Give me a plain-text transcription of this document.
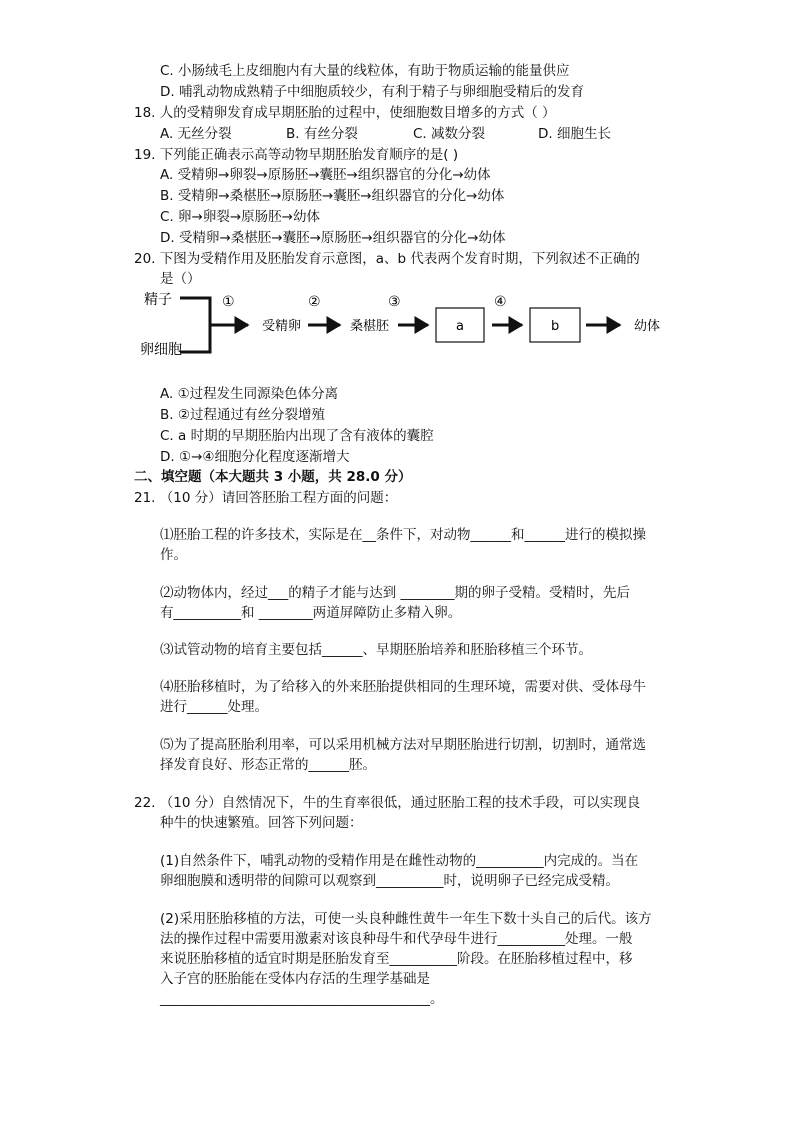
C. 小肠绒毛上皮细胞内有大量的线粒体，有助于物质运输的能量供应
D. 哺乳动物成熟精子中细胞质较少，有利于精子与卵细胞受精后的发育
18. 人的受精卵发育成早期胚胎的过程中，使细胞数目增多的方式（ ）
A. 无丝分裂	B. 有丝分裂	C. 减数分裂	D. 细胞生长
19. 下列能正确表示高等动物早期胚胎发育顺序的是( )
A. 受精卵→卵裂→原肠胚→囊胚→组织器官的分化→幼体
B. 受精卵→桑椹胚→原肠胚→囊胚→组织器官的分化→幼体
C. 卵→卵裂→原肠胚→幼体
D. 受精卵→桑椹胚→囊胚→原肠胚→组织器官的分化→幼体
20. 下图为受精作用及胚胎发育示意图，a、b 代表两个发育时期，下列叙述不正确的
是（）
精子
卵细胞
①
受精卵
②
桑椹胚
③
a
④
b	幼体
A. ①过程发生同源染色体分离
B. ②过程通过有丝分裂增殖
C. a 时期的早期胚胎内出现了含有液体的囊腔
D. ①→④细胞分化程度逐渐增大
二、填空题（本大题共 3 小题，共 28.0 分）
21. （10 分）请回答胚胎工程方面的问题：
⑴胚胎工程的许多技术，实际是在__条件下，对动物______和______进行的模拟操
作。
⑵动物体内，经过___的精子才能与达到 ________期的卵子受精。受精时，先后
有__________和 ________两道屏障防止多精入卵。
⑶试管动物的培育主要包括______、早期胚胎培养和胚胎移植三个环节。
⑷胚胎移植时，为了给移入的外来胚胎提供相同的生理环境，需要对供、受体母牛
进行______处理。
⑸为了提高胚胎利用率，可以采用机械方法对早期胚胎进行切割，切割时，通常选
择发育良好、形态正常的______胚。
22. （10 分）自然情况下，牛的生育率很低，通过胚胎工程的技术手段，可以实现良
种牛的快速繁殖。回答下列问题：
(1)自然条件下，哺乳动物的受精作用是在雌性动物的__________内完成的。当在
卵细胞膜和透明带的间隙可以观察到__________时，说明卵子已经完成受精。
(2)采用胚胎移植的方法，可使一头良种雌性黄牛一年生下数十头自己的后代。该方
法的操作过程中需要用激素对该良种母牛和代孕母牛进行__________处理。一般
来说胚胎移植的适宜时期是胚胎发育至__________阶段。在胚胎移植过程中，移
入子宫的胚胎能在受体内存活的生理学基础是
________________________________________。
